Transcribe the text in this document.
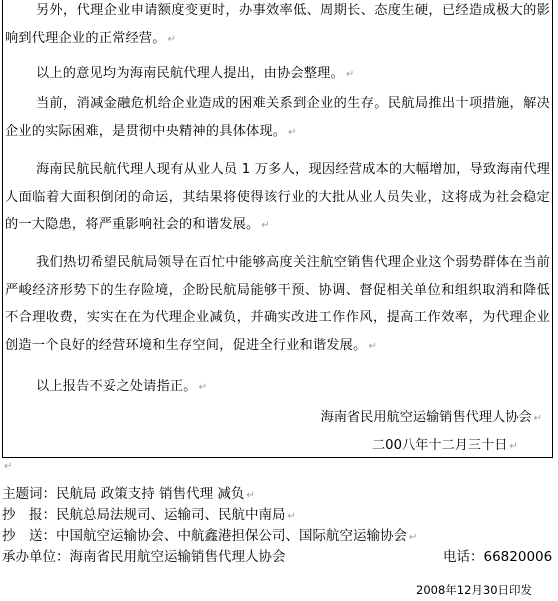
另外，代理企业申请额度变更时，办事效率低、周期长、态度生硬，已经造成极大的影响到代理企业的正常经营。 ↵

以上的意见均为海南民航代理人提出，由协会整理。 ↵

当前，消减金融危机给企业造成的困难关系到企业的生存。民航局推出十项措施，解决企业的实际困难，是贯彻中央精神的具体体现。 ↵

海南民航民航代理人现有从业人员 1 万多人，现因经营成本的大幅增加，导致海南代理人面临着大面积倒闭的命运，其结果将使得该行业的大批从业人员失业，这将成为社会稳定的一大隐患，将严重影响社会的和谐发展。 ↵

我们热切希望民航局领导在百忙中能够高度关注航空销售代理企业这个弱势群体在当前严峻经济形势下的生存险境，企盼民航局能够干预、协调、督促相关单位和组织取消和降低不合理收费，实实在在为代理企业减负，并确实改进工作作风，提高工作效率，为代理企业创造一个良好的经营环境和生存空间，促进全行业和谐发展。 ↵

以上报告不妥之处请指正。 ↵

海南省民用航空运输销售代理人协会 ↵
二00八年十二月三十日 ↵
↵
主题词：民航局 政策支持 销售代理 减负 ↵
抄　报：民航总局法规司、运输司、民航中南局 ↵
抄　送：中国航空运输协会、中航鑫港担保公司、国际航空运输协会 ↵
承办单位：海南省民用航空运输销售代理人协会	电话：66820006
2008年12月30日印发
